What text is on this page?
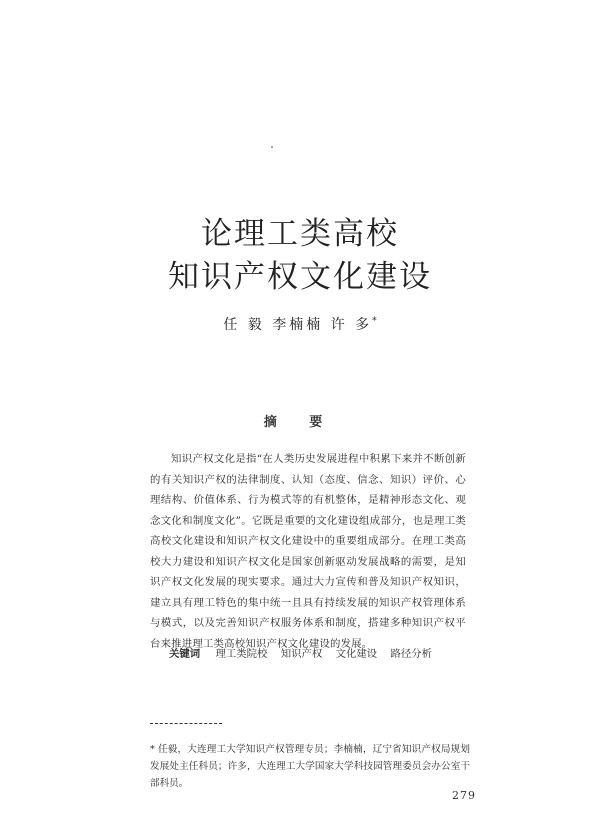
论理工类高校
知识产权文化建设
任 毅 李楠楠 许 多*
摘 要
知识产权文化是指“在人类历史发展进程中积累下来并不断创新的有关知识产权的法律制度、认知（态度、信念、知识）评价、心理结构、价值体系、行为模式等的有机整体，是精神形态文化、观念文化和制度文化”。它既是重要的文化建设组成部分，也是理工类高校文化建设和知识产权文化建设中的重要组成部分。在理工类高校大力建设和知识产权文化是国家创新驱动发展战略的需要，是知识产权文化发展的现实要求。通过大力宣传和普及知识产权知识，建立具有理工特色的集中统一且具有持续发展的知识产权管理体系与模式，以及完善知识产权服务体系和制度，搭建多种知识产权平台来推进理工类高校知识产权文化建设的发展。
关键词 理工类院校 知识产权 文化建设 路径分析
* 任毅，大连理工大学知识产权管理专员；李楠楠，辽宁省知识产权局规划发展处主任科员；许多，大连理工大学国家大学科技园管理委员会办公室干部科员。
279
